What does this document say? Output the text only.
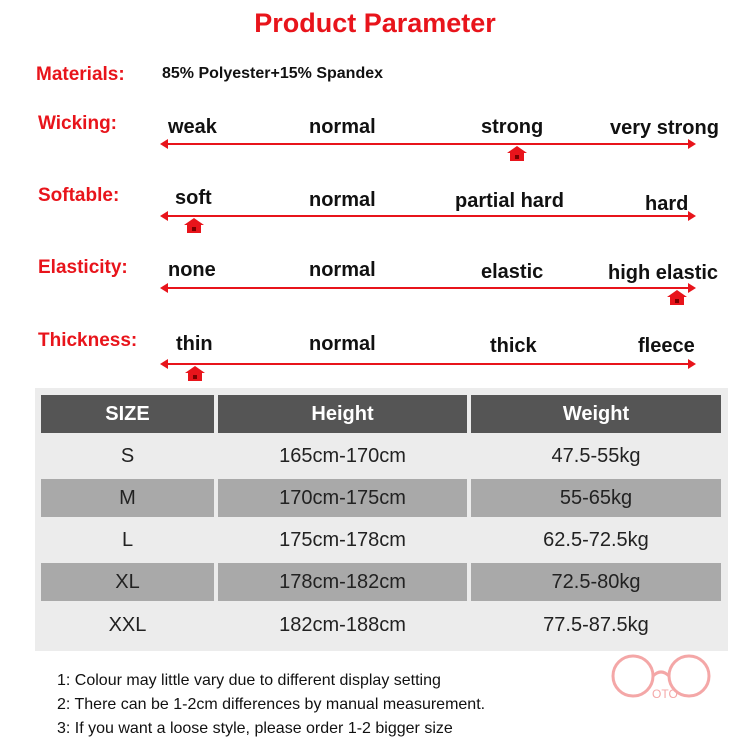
Product Parameter
Materials: 85% Polyester+15% Spandex
Wicking:	weak	normal	strong	very strong
Softable:	soft	normal	partial hard	hard
Elasticity: none	normal	elastic	high elastic
Thickness: thin	normal	thick	fleece
SIZE	Height	Weight
S	165cm-170cm	47.5-55kg
M	170cm-175cm	55-65kg
L	175cm-178cm	62.5-72.5kg
XL	178cm-182cm	72.5-80kg
XXL	182cm-188cm	77.5-87.5kg
1: Colour may little vary due to different display setting
2: There can be 1-2cm differences by manual measurement.
3: If you want a loose style, please order 1-2 bigger size
OTO
